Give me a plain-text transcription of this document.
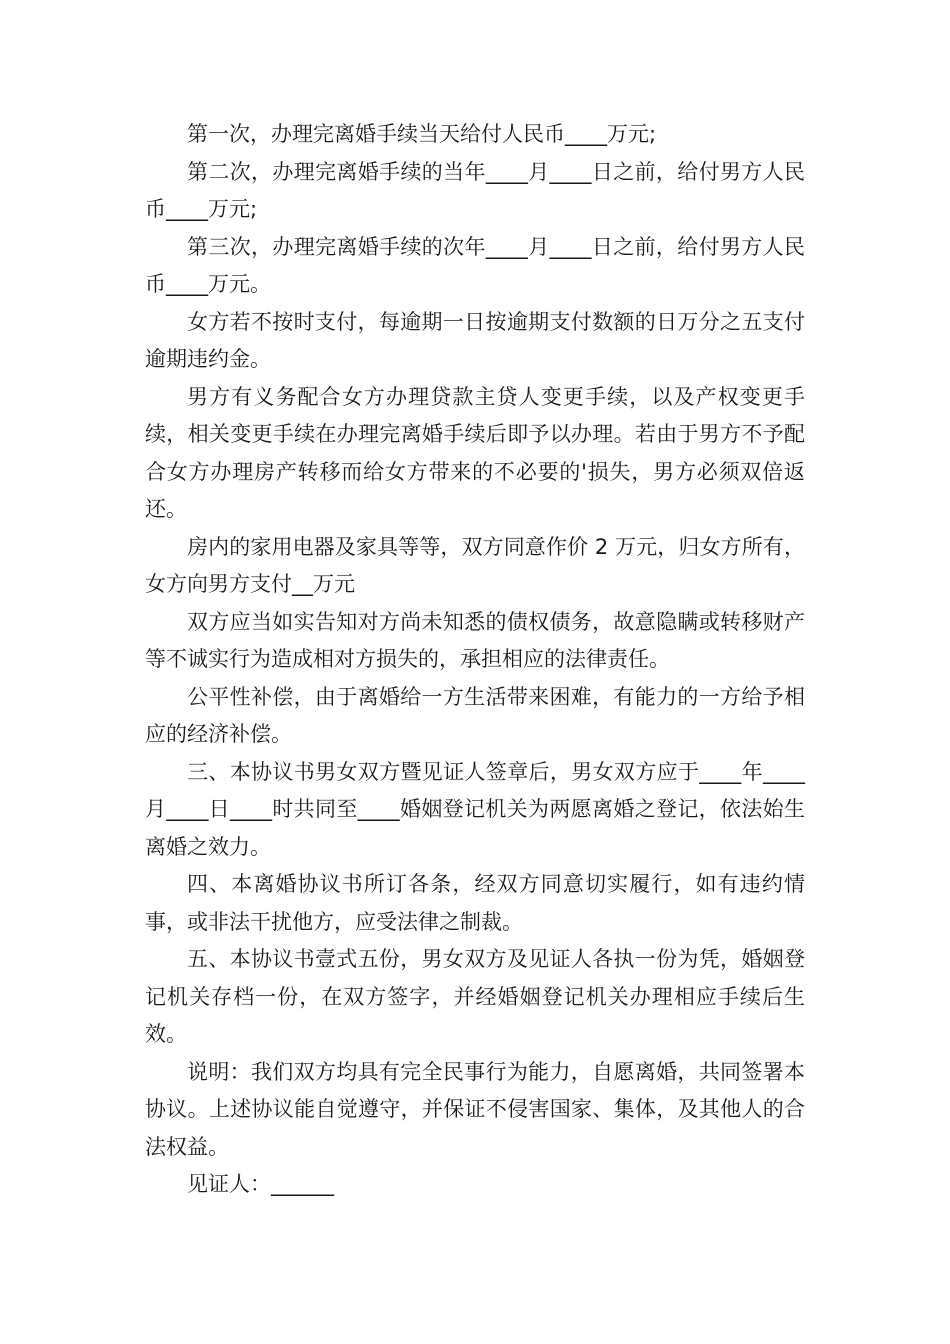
第一次，办理完离婚手续当天给付人民币____万元;

第二次，办理完离婚手续的当年____月____日之前，给付男方人民币____万元;

第三次，办理完离婚手续的次年____月____日之前，给付男方人民币____万元。

女方若不按时支付，每逾期一日按逾期支付数额的日万分之五支付逾期违约金。

男方有义务配合女方办理贷款主贷人变更手续，以及产权变更手续，相关变更手续在办理完离婚手续后即予以办理。若由于男方不予配合女方办理房产转移而给女方带来的不必要的'损失，男方必须双倍返还。

房内的家用电器及家具等等，双方同意作价 2 万元，归女方所有，女方向男方支付__万元

双方应当如实告知对方尚未知悉的债权债务，故意隐瞒或转移财产等不诚实行为造成相对方损失的，承担相应的法律责任。

公平性补偿，由于离婚给一方生活带来困难，有能力的一方给予相应的经济补偿。

三、本协议书男女双方暨见证人签章后，男女双方应于____年____月____日____时共同至____婚姻登记机关为两愿离婚之登记，依法始生离婚之效力。

四、本离婚协议书所订各条，经双方同意切实履行，如有违约情事，或非法干扰他方，应受法律之制裁。

五、本协议书壹式五份，男女双方及见证人各执一份为凭，婚姻登记机关存档一份，在双方签字，并经婚姻登记机关办理相应手续后生效。

说明：我们双方均具有完全民事行为能力，自愿离婚，共同签署本协议。上述协议能自觉遵守，并保证不侵害国家、集体，及其他人的合法权益。

见证人：______
